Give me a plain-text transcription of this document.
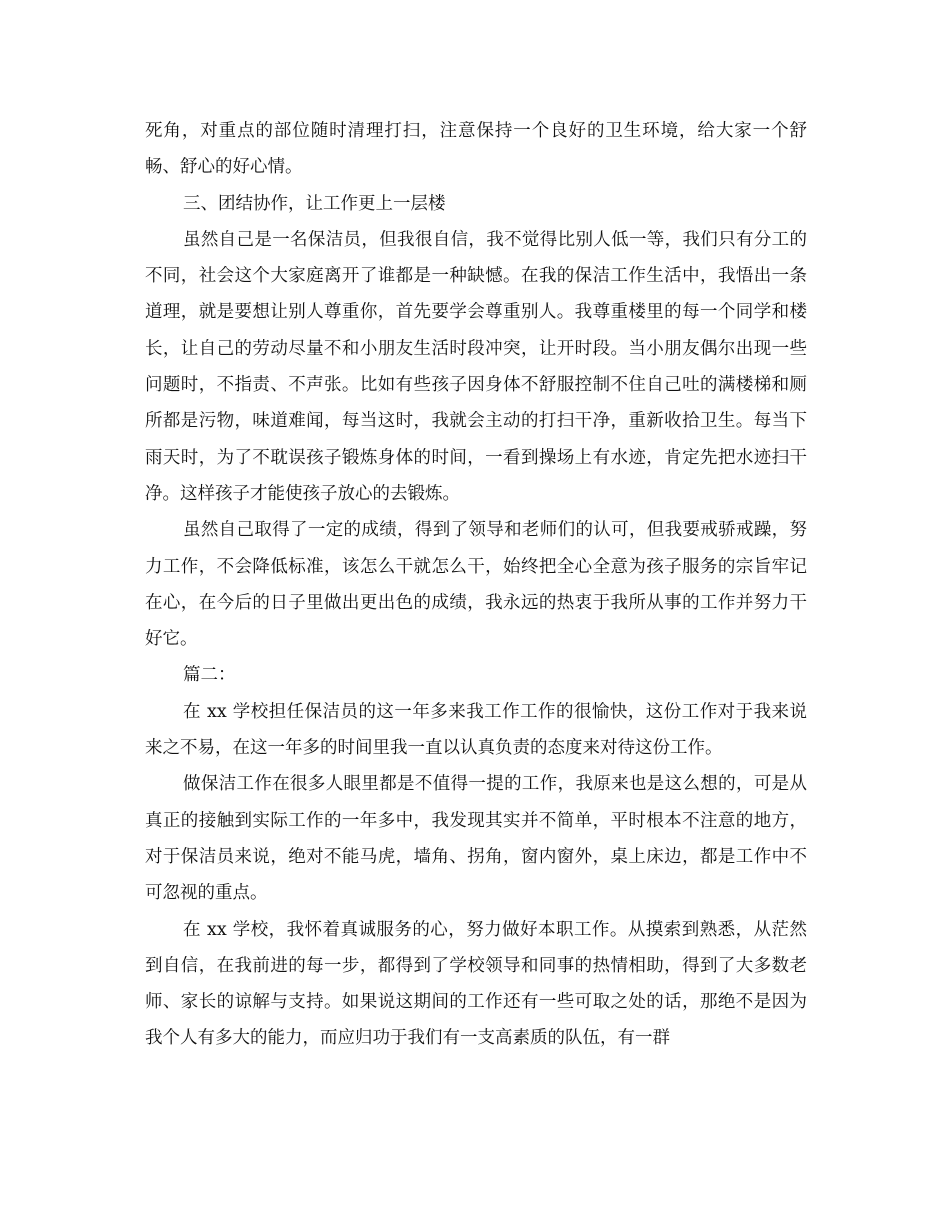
死角，对重点的部位随时清理打扫，注意保持一个良好的卫生环境，给大家一个舒畅、舒心的好心情。

三、团结协作，让工作更上一层楼

虽然自己是一名保洁员，但我很自信，我不觉得比别人低一等，我们只有分工的不同，社会这个大家庭离开了谁都是一种缺憾。在我的保洁工作生活中，我悟出一条道理，就是要想让别人尊重你，首先要学会尊重别人。我尊重楼里的每一个同学和楼长，让自己的劳动尽量不和小朋友生活时段冲突，让开时段。当小朋友偶尔出现一些问题时，不指责、不声张。比如有些孩子因身体不舒服控制不住自己吐的满楼梯和厕所都是污物，味道难闻，每当这时，我就会主动的打扫干净，重新收拾卫生。每当下雨天时，为了不耽误孩子锻炼身体的时间，一看到操场上有水迹，肯定先把水迹扫干净。这样孩子才能使孩子放心的去锻炼。

虽然自己取得了一定的成绩，得到了领导和老师们的认可，但我要戒骄戒躁，努力工作，不会降低标准，该怎么干就怎么干，始终把全心全意为孩子服务的宗旨牢记在心，在今后的日子里做出更出色的成绩，我永远的热衷于我所从事的工作并努力干好它。

篇二：

在 xx 学校担任保洁员的这一年多来我工作工作的很愉快，这份工作对于我来说来之不易，在这一年多的时间里我一直以认真负责的态度来对待这份工作。

做保洁工作在很多人眼里都是不值得一提的工作，我原来也是这么想的，可是从真正的接触到实际工作的一年多中，我发现其实并不简单，平时根本不注意的地方，对于保洁员来说，绝对不能马虎，墙角、拐角，窗内窗外，桌上床边，都是工作中不可忽视的重点。

在 xx 学校，我怀着真诚服务的心，努力做好本职工作。从摸索到熟悉，从茫然到自信，在我前进的每一步，都得到了学校领导和同事的热情相助，得到了大多数老师、家长的谅解与支持。如果说这期间的工作还有一些可取之处的话，那绝不是因为我个人有多大的能力，而应归功于我们有一支高素质的队伍，有一群
